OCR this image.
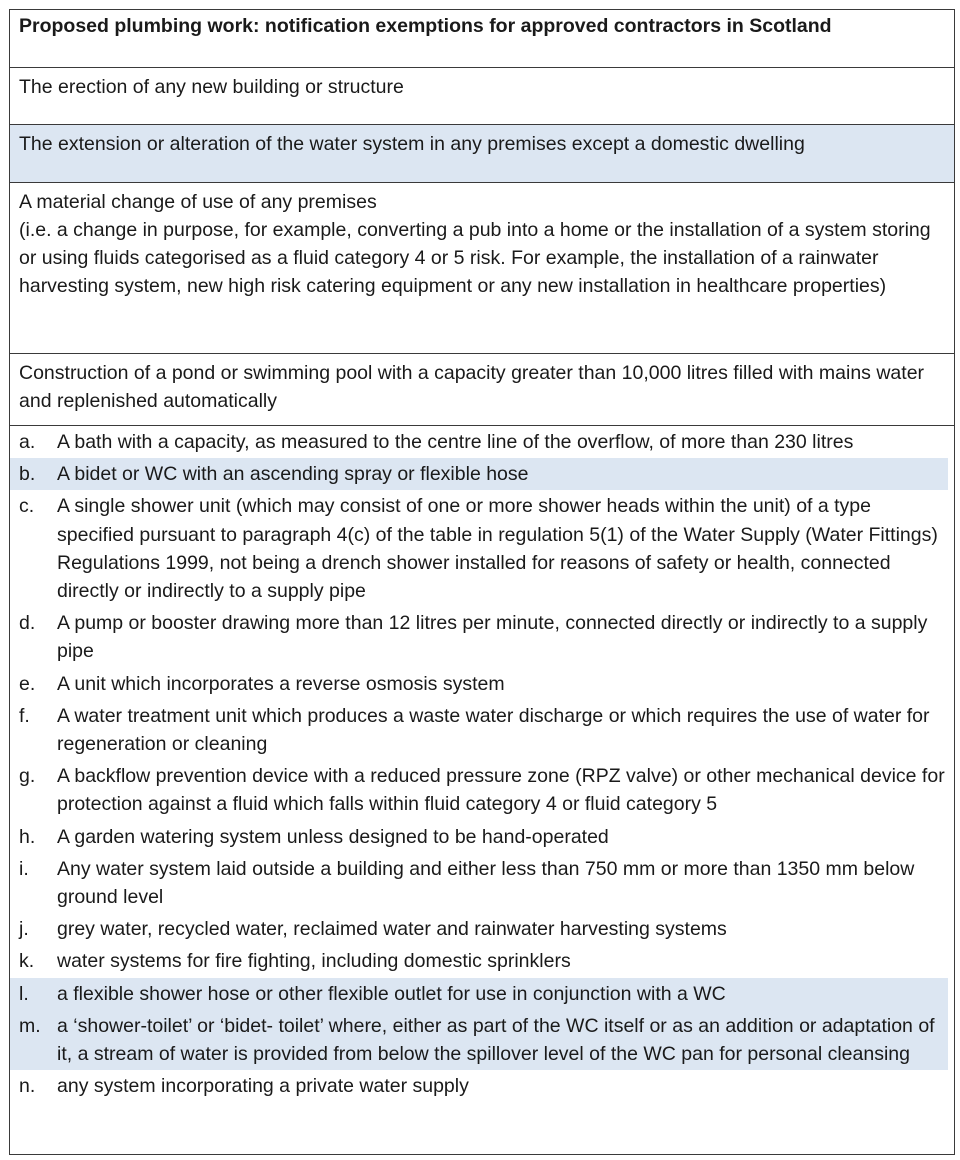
Proposed plumbing work: notification exemptions for approved contractors in Scotland
The erection of any new building or structure
The extension or alteration of the water system in any premises except a domestic dwelling
A material change of use of any premises
(i.e. a change in purpose, for example, converting a pub into a home or the installation of a system storing or using fluids categorised as a fluid category 4 or 5 risk. For example, the installation of a rainwater harvesting system, new high risk catering equipment or any new installation in healthcare properties)
Construction of a pond or swimming pool with a capacity greater than 10,000 litres filled with mains water and replenished automatically
a.	A bath with a capacity, as measured to the centre line of the overflow, of more than 230 litres
b.	A bidet or WC with an ascending spray or flexible hose
c.	A single shower unit (which may consist of one or more shower heads within the unit) of a type specified pursuant to paragraph 4(c) of the table in regulation 5(1) of the Water Supply (Water Fittings) Regulations 1999, not being a drench shower installed for reasons of safety or health, connected directly or indirectly to a supply pipe
d.	A pump or booster drawing more than 12 litres per minute, connected directly or indirectly to a supply pipe
e.	A unit which incorporates a reverse osmosis system
f.	A water treatment unit which produces a waste water discharge or which requires the use of water for regeneration or cleaning
g.	A backflow prevention device with a reduced pressure zone (RPZ valve) or other mechanical device for protection against a fluid which falls within fluid category 4 or fluid category 5
h.	A garden watering system unless designed to be hand-operated
i.	Any water system laid outside a building and either less than 750 mm or more than 1350 mm below ground level
j.	grey water, recycled water, reclaimed water and rainwater harvesting systems
k.	water systems for fire fighting, including domestic sprinklers
l.	a flexible shower hose or other flexible outlet for use in conjunction with a WC
m. a ‘shower-toilet’ or ‘bidet- toilet’ where, either as part of the WC itself or as an addition or adaptation of it, a stream of water is provided from below the spillover level of the WC pan for personal cleansing
n.	any system incorporating a private water supply
